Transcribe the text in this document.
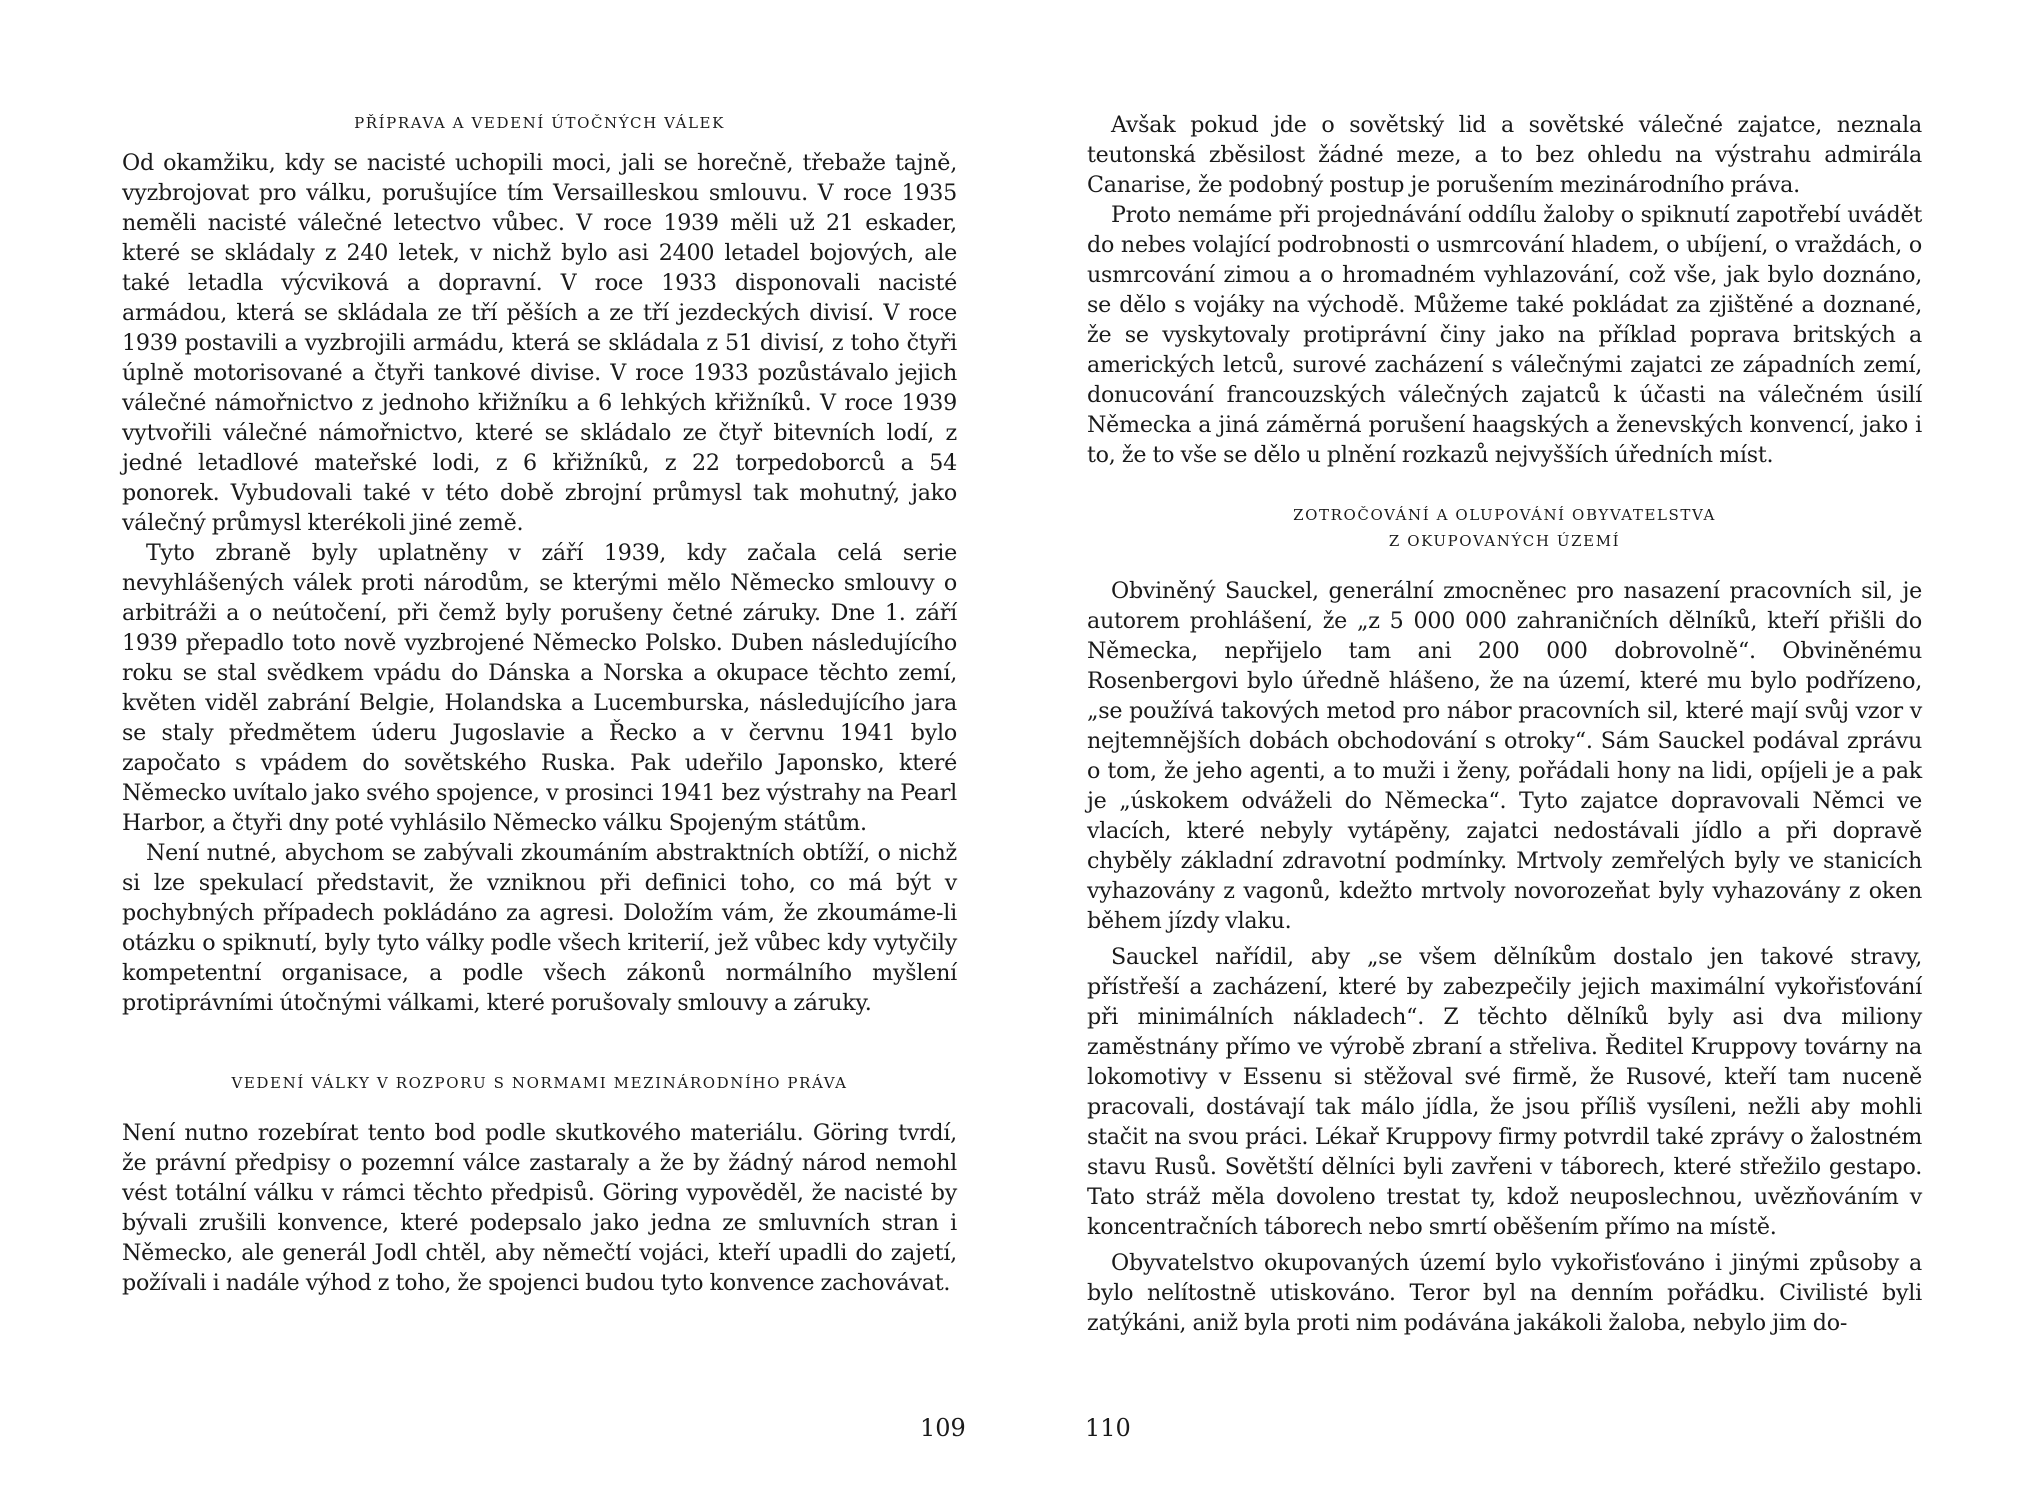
PŘÍPRAVA A VEDENÍ ÚTOČNÝCH VÁLEK

Od okamžiku, kdy se nacisté uchopili moci, jali se horečně, třebaže tajně, vyzbrojovat pro válku, porušujíce tím Versailleskou smlouvu. V roce 1935 neměli nacisté válečné letectvo vůbec. V roce 1939 měli už 21 eskader, které se skládaly z 240 letek, v nichž bylo asi 2400 letadel bojových, ale také letadla výcviková a dopravní. V roce 1933 disponovali nacisté armádou, která se skládala ze tří pěších a ze tří jezdeckých divisí. V roce 1939 postavili a vyzbrojili armádu, která se skládala z 51 divisí, z toho čtyři úplně motorisované a čtyři tankové divise. V roce 1933 pozůstávalo jejich válečné námořnictvo z jednoho křižníku a 6 lehkých křižníků. V roce 1939 vytvořili válečné námořnictvo, které se skládalo ze čtyř bitevních lodí, z jedné letadlové mateřské lodi, z 6 křižníků, z 22 torpedoborců a 54 ponorek. Vybudovali také v této době zbrojní průmysl tak mohutný, jako válečný průmysl kterékoli jiné země.

Tyto zbraně byly uplatněny v září 1939, kdy začala celá serie nevyhlášených válek proti národům, se kterými mělo Německo smlouvy o arbitráži a o neútočení, při čemž byly porušeny četné záruky. Dne 1. září 1939 přepadlo toto nově vyzbrojené Německo Polsko. Duben následujícího roku se stal svědkem vpádu do Dánska a Norska a okupace těchto zemí, květen viděl zabrání Belgie, Holandska a Lucemburska, následujícího jara se staly předmětem úderu Jugoslavie a Řecko a v červnu 1941 bylo započato s vpádem do sovětského Ruska. Pak udeřilo Japonsko, které Německo uvítalo jako svého spojence, v prosinci 1941 bez výstrahy na Pearl Harbor, a čtyři dny poté vyhlásilo Německo válku Spojeným státům.

Není nutné, abychom se zabývali zkoumáním abstraktních obtíží, o nichž si lze spekulací představit, že vzniknou při definici toho, co má být v pochybných případech pokládáno za agresi. Doložím vám, že zkoumáme-li otázku o spiknutí, byly tyto války podle všech kriterií, jež vůbec kdy vytyčily kompetentní organisace, a podle všech zákonů normálního myšlení protiprávními útočnými válkami, které porušovaly smlouvy a záruky.

VEDENÍ VÁLKY V ROZPORU S NORMAMI MEZINÁRODNÍHO PRÁVA

Není nutno rozebírat tento bod podle skutkového materiálu. Göring tvrdí, že právní předpisy o pozemní válce zastaraly a že by žádný národ nemohl vést totální válku v rámci těchto předpisů. Göring vypověděl, že nacisté by bývali zrušili konvence, které podepsalo jako jedna ze smluvních stran i Německo, ale generál Jodl chtěl, aby němečtí vojáci, kteří upadli do zajetí, požívali i nadále výhod z toho, že spojenci budou tyto konvence zachovávat.

109

Avšak pokud jde o sovětský lid a sovětské válečné zajatce, neznala teutonská zběsilost žádné meze, a to bez ohledu na výstrahu admirála Canarise, že podobný postup je porušením mezinárodního práva.

Proto nemáme při projednávání oddílu žaloby o spiknutí zapotřebí uvádět do nebes volající podrobnosti o usmrcování hladem, o ubíjení, o vraždách, o usmrcování zimou a o hromadném vyhlazování, což vše, jak bylo doznáno, se dělo s vojáky na východě. Můžeme také pokládat za zjištěné a doznané, že se vyskytovaly protiprávní činy jako na příklad poprava britských a amerických letců, surové zacházení s válečnými zajatci ze západních zemí, donucování francouzských válečných zajatců k účasti na válečném úsilí Německa a jiná záměrná porušení haagských a ženevských konvencí, jako i to, že to vše se dělo u plnění rozkazů nejvyšších úředních míst.

ZOTROČOVÁNÍ A OLUPOVÁNÍ OBYVATELSTVA
Z OKUPOVANÝCH ÚZEMÍ

Obviněný Sauckel, generální zmocněnec pro nasazení pracovních sil, je autorem prohlášení, že „z 5 000 000 zahraničních dělníků, kteří přišli do Německa, nepřijelo tam ani 200 000 dobrovolně“. Obviněnému Rosenbergovi bylo úředně hlášeno, že na území, které mu bylo podřízeno, „se používá takových metod pro nábor pracovních sil, které mají svůj vzor v nejtemnějších dobách obchodování s otroky“. Sám Sauckel podával zprávu o tom, že jeho agenti, a to muži i ženy, pořádali hony na lidi, opíjeli je a pak je „úskokem odváželi do Německa“. Tyto zajatce dopravovali Němci ve vlacích, které nebyly vytápěny, zajatci nedostávali jídlo a při dopravě chyběly základní zdravotní podmínky. Mrtvoly zemřelých byly ve stanicích vyhazovány z vagonů, kdežto mrtvoly novorozeňat byly vyhazovány z oken během jízdy vlaku.

Sauckel nařídil, aby „se všem dělníkům dostalo jen takové stravy, přístřeší a zacházení, které by zabezpečily jejich maximální vykořisťování při minimálních nákladech“. Z těchto dělníků byly asi dva miliony zaměstnány přímo ve výrobě zbraní a střeliva. Ředitel Kruppovy továrny na lokomotivy v Essenu si stěžoval své firmě, že Rusové, kteří tam nuceně pracovali, dostávají tak málo jídla, že jsou příliš vysíleni, nežli aby mohli stačit na svou práci. Lékař Kruppovy firmy potvrdil také zprávy o žalostném stavu Rusů. Sovětští dělníci byli zavřeni v táborech, které střežilo gestapo. Tato stráž měla dovoleno trestat ty, kdož neuposlechnou, uvězňováním v koncentračních táborech nebo smrtí oběšením přímo na místě.

Obyvatelstvo okupovaných území bylo vykořisťováno i jinými způsoby a bylo nelítostně utiskováno. Teror byl na denním pořádku. Civilisté byli zatýkáni, aniž byla proti nim podávána jakákoli žaloba, nebylo jim do-

110
